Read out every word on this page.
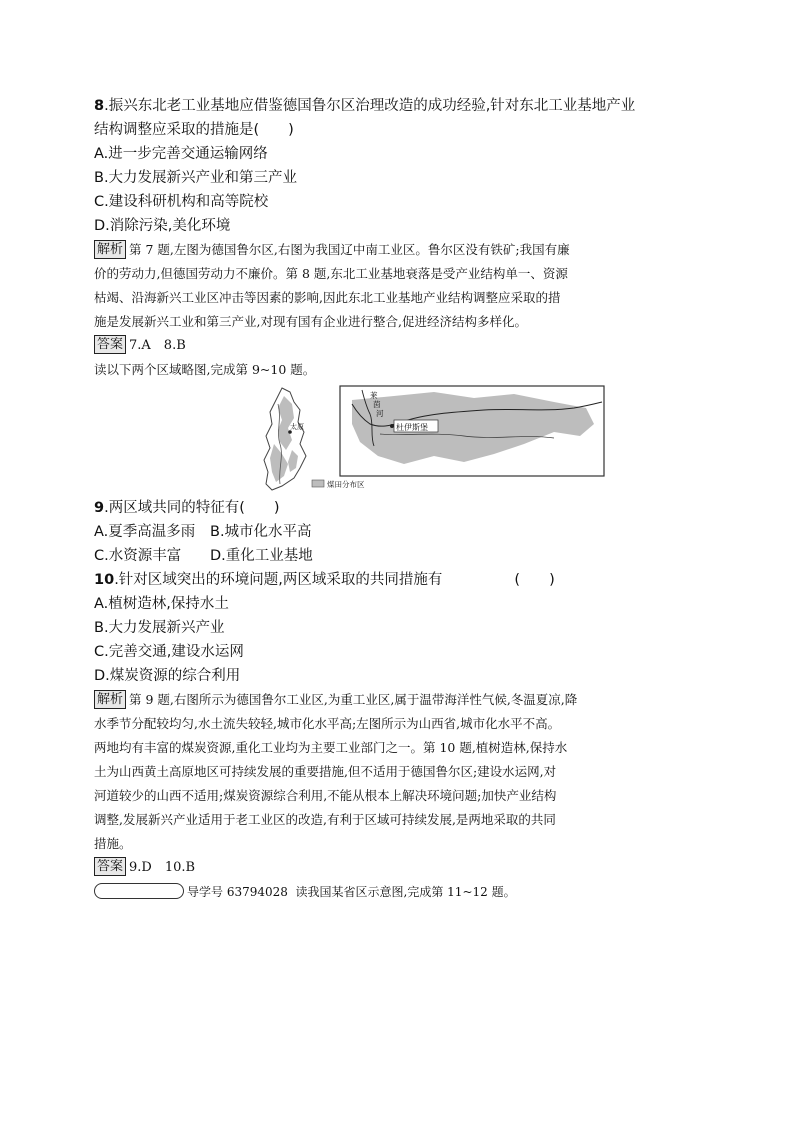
8.振兴东北老工业基地应借鉴德国鲁尔区治理改造的成功经验,针对东北工业基地产业
结构调整应采取的措施是(　　)
A.进一步完善交通运输网络
B.大力发展新兴产业和第三产业
C.建设科研机构和高等院校
D.消除污染,美化环境
解析 第 7 题,左图为德国鲁尔区,右图为我国辽中南工业区。鲁尔区没有铁矿;我国有廉
价的劳动力,但德国劳动力不廉价。第 8 题,东北工业基地衰落是受产业结构单一、资源
枯竭、沿海新兴工业区冲击等因素的影响,因此东北工业基地产业结构调整应采取的措
施是发展新兴工业和第三产业,对现有国有企业进行整合,促进经济结构多样化。
答案 7.A　8.B
读以下两个区域略图,完成第 9~10 题。
太原
煤田分布区
杜伊斯堡
莱
茵
河
9.两区域共同的特征有(　　)
A.夏季高温多雨 B.城市化水平高
C.水资源丰富 D.重化工业基地
10.针对区域突出的环境问题,两区域采取的共同措施有	(　　)
A.植树造林,保持水土
B.大力发展新兴产业
C.完善交通,建设水运网
D.煤炭资源的综合利用
解析 第 9 题,右图所示为德国鲁尔工业区,为重工业区,属于温带海洋性气候,冬温夏凉,降
水季节分配较均匀,水土流失较轻,城市化水平高;左图所示为山西省,城市化水平不高。
两地均有丰富的煤炭资源,重化工业均为主要工业部门之一。第 10 题,植树造林,保持水
土为山西黄土高原地区可持续发展的重要措施,但不适用于德国鲁尔区;建设水运网,对
河道较少的山西不适用;煤炭资源综合利用,不能从根本上解决环境问题;加快产业结构
调整,发展新兴产业适用于老工业区的改造,有利于区域可持续发展,是两地采取的共同
措施。
答案 9.D　10.B
导学号 63794028 读我国某省区示意图,完成第 11~12 题。
